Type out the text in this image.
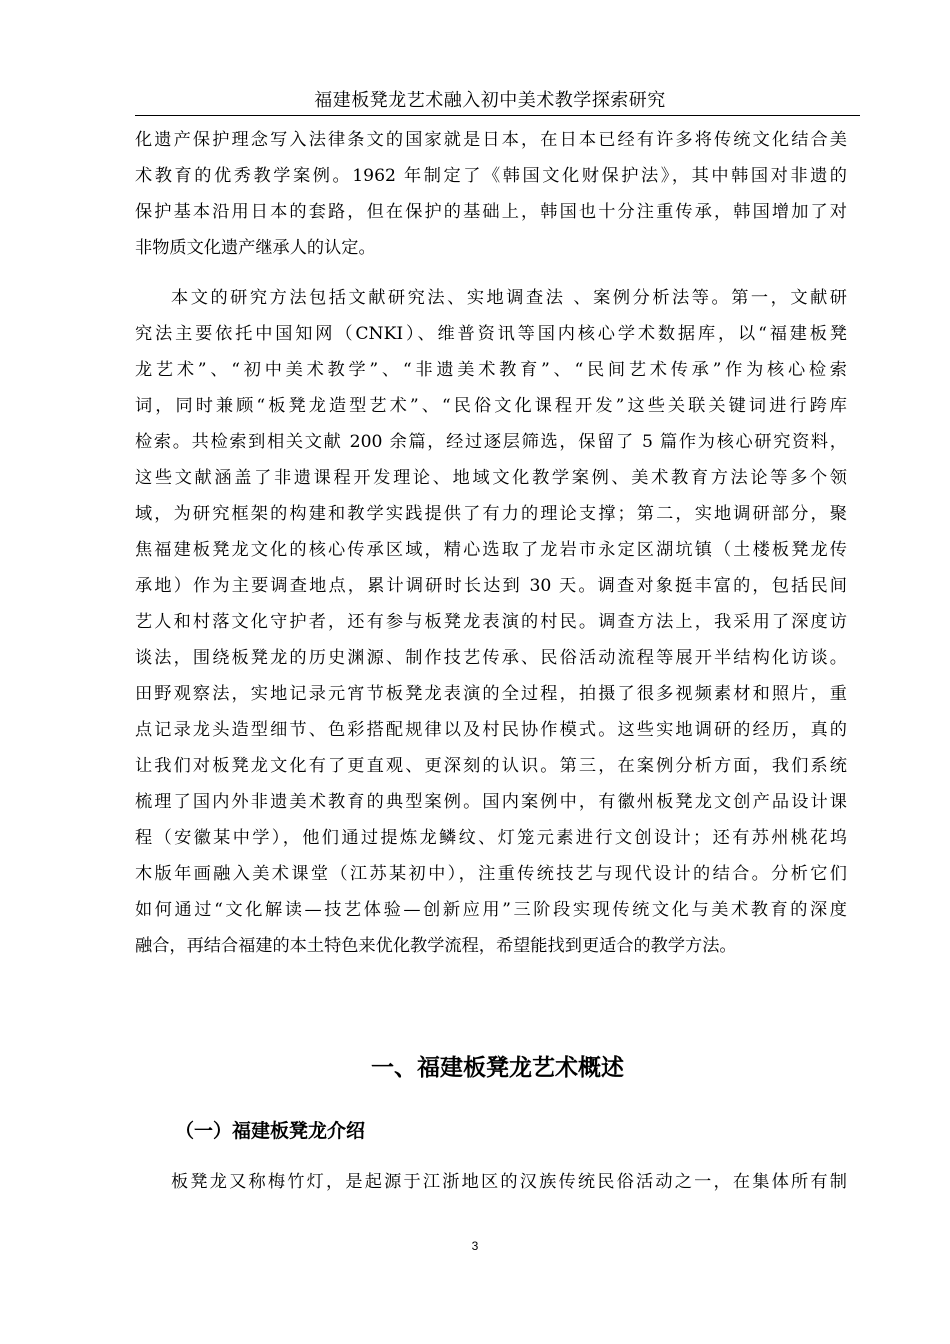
福建板凳龙艺术融入初中美术教学探索研究
化遗产保护理念写入法律条文的国家就是日本，在日本已经有许多将传统文化结合美
术教育的优秀教学案例。1962 年制定了《韩国文化财保护法》，其中韩国对非遗的
保护基本沿用日本的套路，但在保护的基础上，韩国也十分注重传承，韩国增加了对
非物质文化遗产继承人的认定。
本文的研究方法包括文献研究法、实地调查法 、案例分析法等。第一，文献研
究法主要依托中国知网（CNKI）、维普资讯等国内核心学术数据库，以“福建板凳
龙艺术”、“初中美术教学”、“非遗美术教育”、“民间艺术传承”作为核心检索
词，同时兼顾“板凳龙造型艺术”、“民俗文化课程开发”这些关联关键词进行跨库
检索。共检索到相关文献 200 余篇，经过逐层筛选，保留了 5 篇作为核心研究资料，
这些文献涵盖了非遗课程开发理论、地域文化教学案例、美术教育方法论等多个领
域，为研究框架的构建和教学实践提供了有力的理论支撑；第二，实地调研部分，聚
焦福建板凳龙文化的核心传承区域，精心选取了龙岩市永定区湖坑镇（土楼板凳龙传
承地）作为主要调查地点，累计调研时长达到 30 天。调查对象挺丰富的，包括民间
艺人和村落文化守护者，还有参与板凳龙表演的村民。调查方法上，我采用了深度访
谈法，围绕板凳龙的历史渊源、制作技艺传承、民俗活动流程等展开半结构化访谈。
田野观察法，实地记录元宵节板凳龙表演的全过程，拍摄了很多视频素材和照片，重
点记录龙头造型细节、色彩搭配规律以及村民协作模式。这些实地调研的经历，真的
让我们对板凳龙文化有了更直观、更深刻的认识。第三，在案例分析方面，我们系统
梳理了国内外非遗美术教育的典型案例。国内案例中，有徽州板凳龙文创产品设计课
程（安徽某中学），他们通过提炼龙鳞纹、灯笼元素进行文创设计；还有苏州桃花坞
木版年画融入美术课堂（江苏某初中），注重传统技艺与现代设计的结合。分析它们
如何通过“文化解读—技艺体验—创新应用”三阶段实现传统文化与美术教育的深度
融合，再结合福建的本土特色来优化教学流程，希望能找到更适合的教学方法。
一、福建板凳龙艺术概述
（一）福建板凳龙介绍
板凳龙又称梅竹灯，是起源于江浙地区的汉族传统民俗活动之一，在集体所有制
3
